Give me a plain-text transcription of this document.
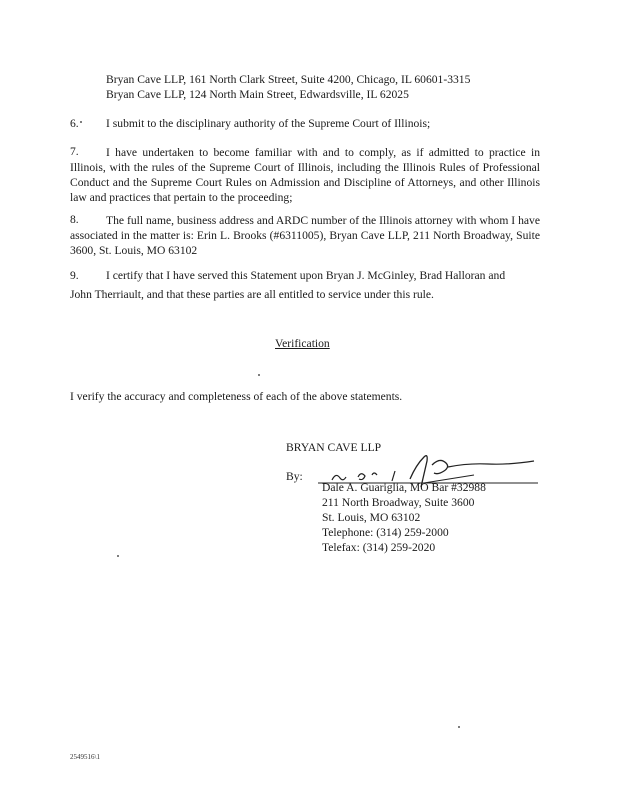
Bryan Cave LLP, 161 North Clark Street, Suite 4200, Chicago, IL 60601-3315
Bryan Cave LLP, 124 North Main Street, Edwardsville, IL 62025
6. I submit to the disciplinary authority of the Supreme Court of Illinois;
7.	I have undertaken to become familiar with and to comply, as if admitted to practice in Illinois, with the rules of the Supreme Court of Illinois, including the Illinois Rules of Professional Conduct and the Supreme Court Rules on Admission and Discipline of Attorneys, and other Illinois law and practices that pertain to the proceeding;
8.	The full name, business address and ARDC number of the Illinois attorney with whom I have associated in the matter is: Erin L. Brooks (#6311005), Bryan Cave LLP, 211 North Broadway, Suite 3600, St. Louis, MO 63102
9. I certify that I have served this Statement upon Bryan J. McGinley, Brad Halloran and
John Therriault, and that these parties are all entitled to service under this rule.
Verification
I verify the accuracy and completeness of each of the above statements.
BRYAN CAVE LLP
By:
Dale A. Guariglia, MO Bar #32988
211 North Broadway, Suite 3600
St. Louis, MO 63102
Telephone: (314) 259-2000
Telefax: (314) 259-2020
2549516\1
